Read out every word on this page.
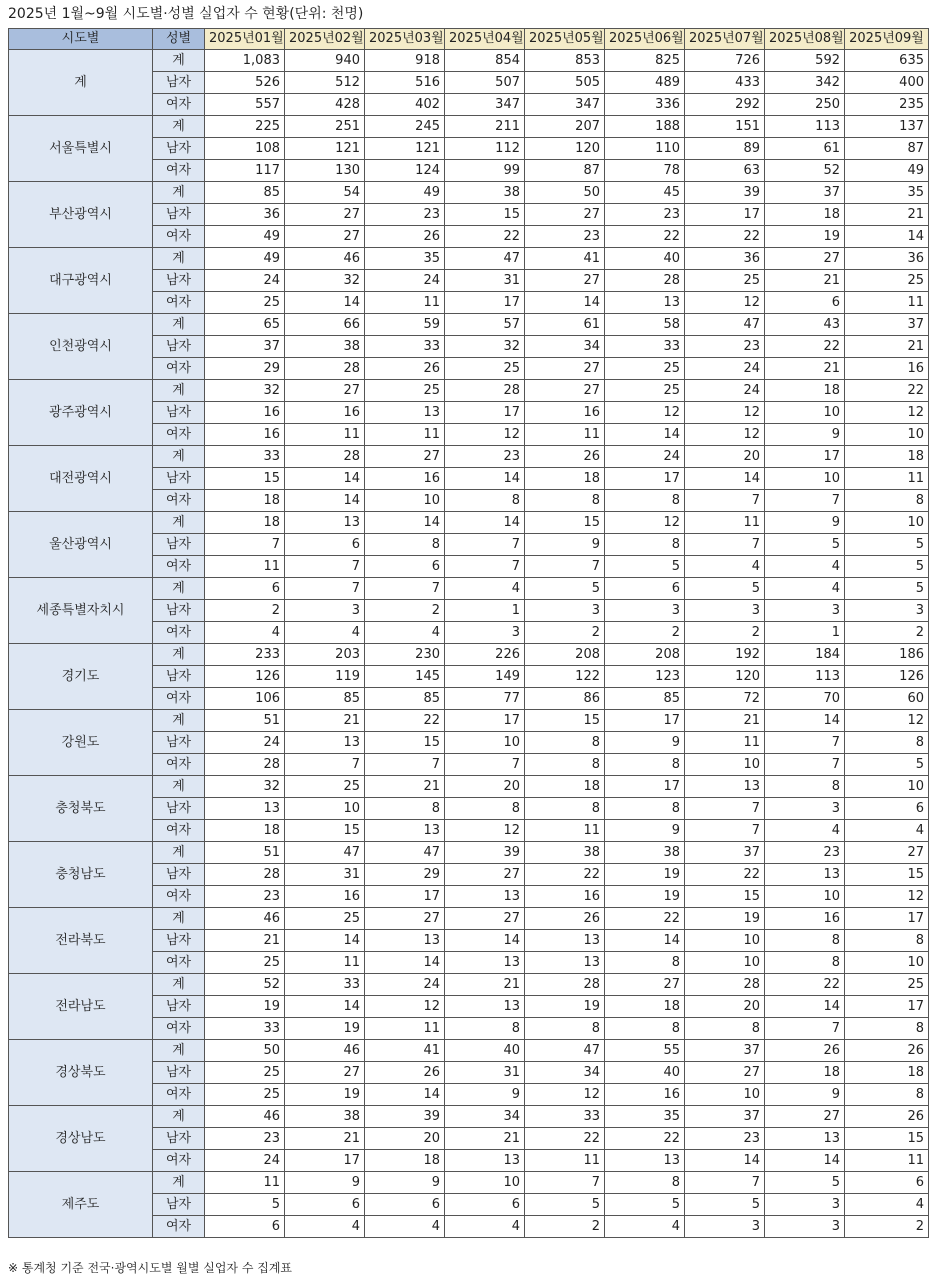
2025년 1월~9월 시도별·성별 실업자 수 현황(단위: 천명)
시도별	성별	2025년01월	2025년02월	2025년03월	2025년04월	2025년05월	2025년06월	2025년07월	2025년08월	2025년09월
계	계	1,083	940	918	854	853	825	726	592	635
	남자	526	512	516	507	505	489	433	342	400
	여자	557	428	402	347	347	336	292	250	235
서울특별시	계	225	251	245	211	207	188	151	113	137
	남자	108	121	121	112	120	110	89	61	87
	여자	117	130	124	99	87	78	63	52	49
부산광역시	계	85	54	49	38	50	45	39	37	35
	남자	36	27	23	15	27	23	17	18	21
	여자	49	27	26	22	23	22	22	19	14
대구광역시	계	49	46	35	47	41	40	36	27	36
	남자	24	32	24	31	27	28	25	21	25
	여자	25	14	11	17	14	13	12	6	11
인천광역시	계	65	66	59	57	61	58	47	43	37
	남자	37	38	33	32	34	33	23	22	21
	여자	29	28	26	25	27	25	24	21	16
광주광역시	계	32	27	25	28	27	25	24	18	22
	남자	16	16	13	17	16	12	12	10	12
	여자	16	11	11	12	11	14	12	9	10
대전광역시	계	33	28	27	23	26	24	20	17	18
	남자	15	14	16	14	18	17	14	10	11
	여자	18	14	10	8	8	8	7	7	8
울산광역시	계	18	13	14	14	15	12	11	9	10
	남자	7	6	8	7	9	8	7	5	5
	여자	11	7	6	7	7	5	4	4	5
세종특별자치시	계	6	7	7	4	5	6	5	4	5
	남자	2	3	2	1	3	3	3	3	3
	여자	4	4	4	3	2	2	2	1	2
경기도	계	233	203	230	226	208	208	192	184	186
	남자	126	119	145	149	122	123	120	113	126
	여자	106	85	85	77	86	85	72	70	60
강원도	계	51	21	22	17	15	17	21	14	12
	남자	24	13	15	10	8	9	11	7	8
	여자	28	7	7	7	8	8	10	7	5
충청북도	계	32	25	21	20	18	17	13	8	10
	남자	13	10	8	8	8	8	7	3	6
	여자	18	15	13	12	11	9	7	4	4
충청남도	계	51	47	47	39	38	38	37	23	27
	남자	28	31	29	27	22	19	22	13	15
	여자	23	16	17	13	16	19	15	10	12
전라북도	계	46	25	27	27	26	22	19	16	17
	남자	21	14	13	14	13	14	10	8	8
	여자	25	11	14	13	13	8	10	8	10
전라남도	계	52	33	24	21	28	27	28	22	25
	남자	19	14	12	13	19	18	20	14	17
	여자	33	19	11	8	8	8	8	7	8
경상북도	계	50	46	41	40	47	55	37	26	26
	남자	25	27	26	31	34	40	27	18	18
	여자	25	19	14	9	12	16	10	9	8
경상남도	계	46	38	39	34	33	35	37	27	26
	남자	23	21	20	21	22	22	23	13	15
	여자	24	17	18	13	11	13	14	14	11
제주도	계	11	9	9	10	7	8	7	5	6
	남자	5	6	6	6	5	5	5	3	4
	여자	6	4	4	4	2	4	3	3	2
※ 통계청 기준 전국·광역시도별 월별 실업자 수 집계표
